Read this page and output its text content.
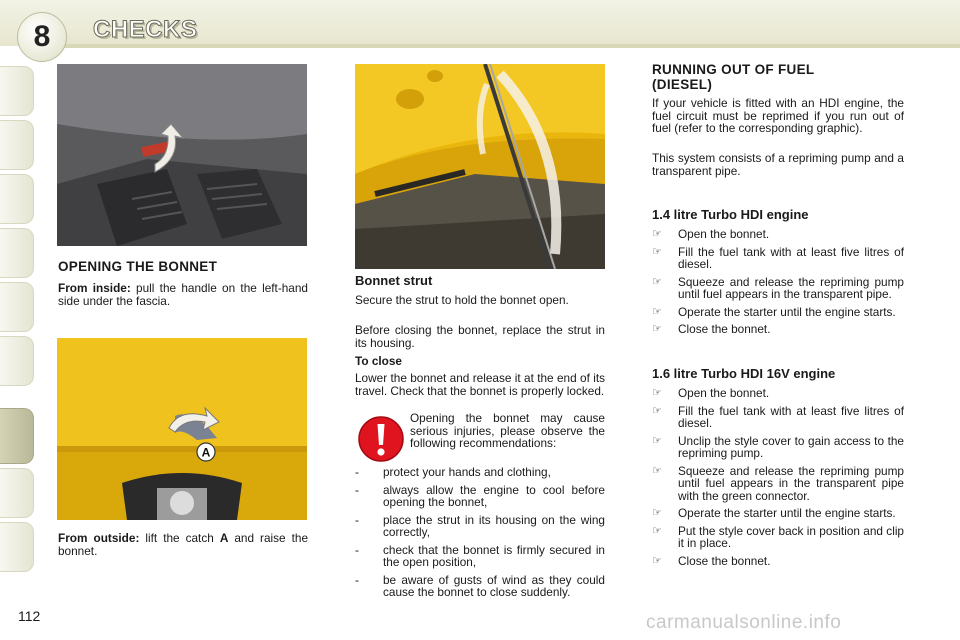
8 CHECKS
OPENING THE BONNET
From inside: pull the handle on the left-hand side under the fascia.
A
From outside: lift the catch A and raise the bonnet.
Bonnet strut
Secure the strut to hold the bonnet open.
Before closing the bonnet, replace the strut in its housing.
To close
Lower the bonnet and release it at the end of its travel. Check that the bonnet is properly locked.
Opening the bonnet may cause serious injuries, please observe the following recommendations:
-	protect your hands and clothing,
-	always allow the engine to cool before opening the bonnet,
-	place the strut in its housing on the wing correctly,
-	check that the bonnet is firmly secured in the open position,
-	be aware of gusts of wind as they could cause the bonnet to close suddenly.
RUNNING OUT OF FUEL (DIESEL)
If your vehicle is fitted with an HDI engine, the fuel circuit must be reprimed if you run out of fuel (refer to the corresponding graphic).
This system consists of a repriming pump and a transparent pipe.
1.4 litre Turbo HDI engine
☞	Open the bonnet.
☞	Fill the fuel tank with at least five litres of diesel.
☞	Squeeze and release the repriming pump until fuel appears in the transparent pipe.
☞	Operate the starter until the engine starts.
☞	Close the bonnet.
1.6 litre Turbo HDI 16V engine
☞	Open the bonnet.
☞	Fill the fuel tank with at least five litres of diesel.
☞	Unclip the style cover to gain access to the repriming pump.
☞	Squeeze and release the repriming pump until fuel appears in the transparent pipe with the green connector.
☞	Operate the starter until the engine starts.
☞	Put the style cover back in position and clip it in place.
☞	Close the bonnet.
112	carmanualsonline.info
